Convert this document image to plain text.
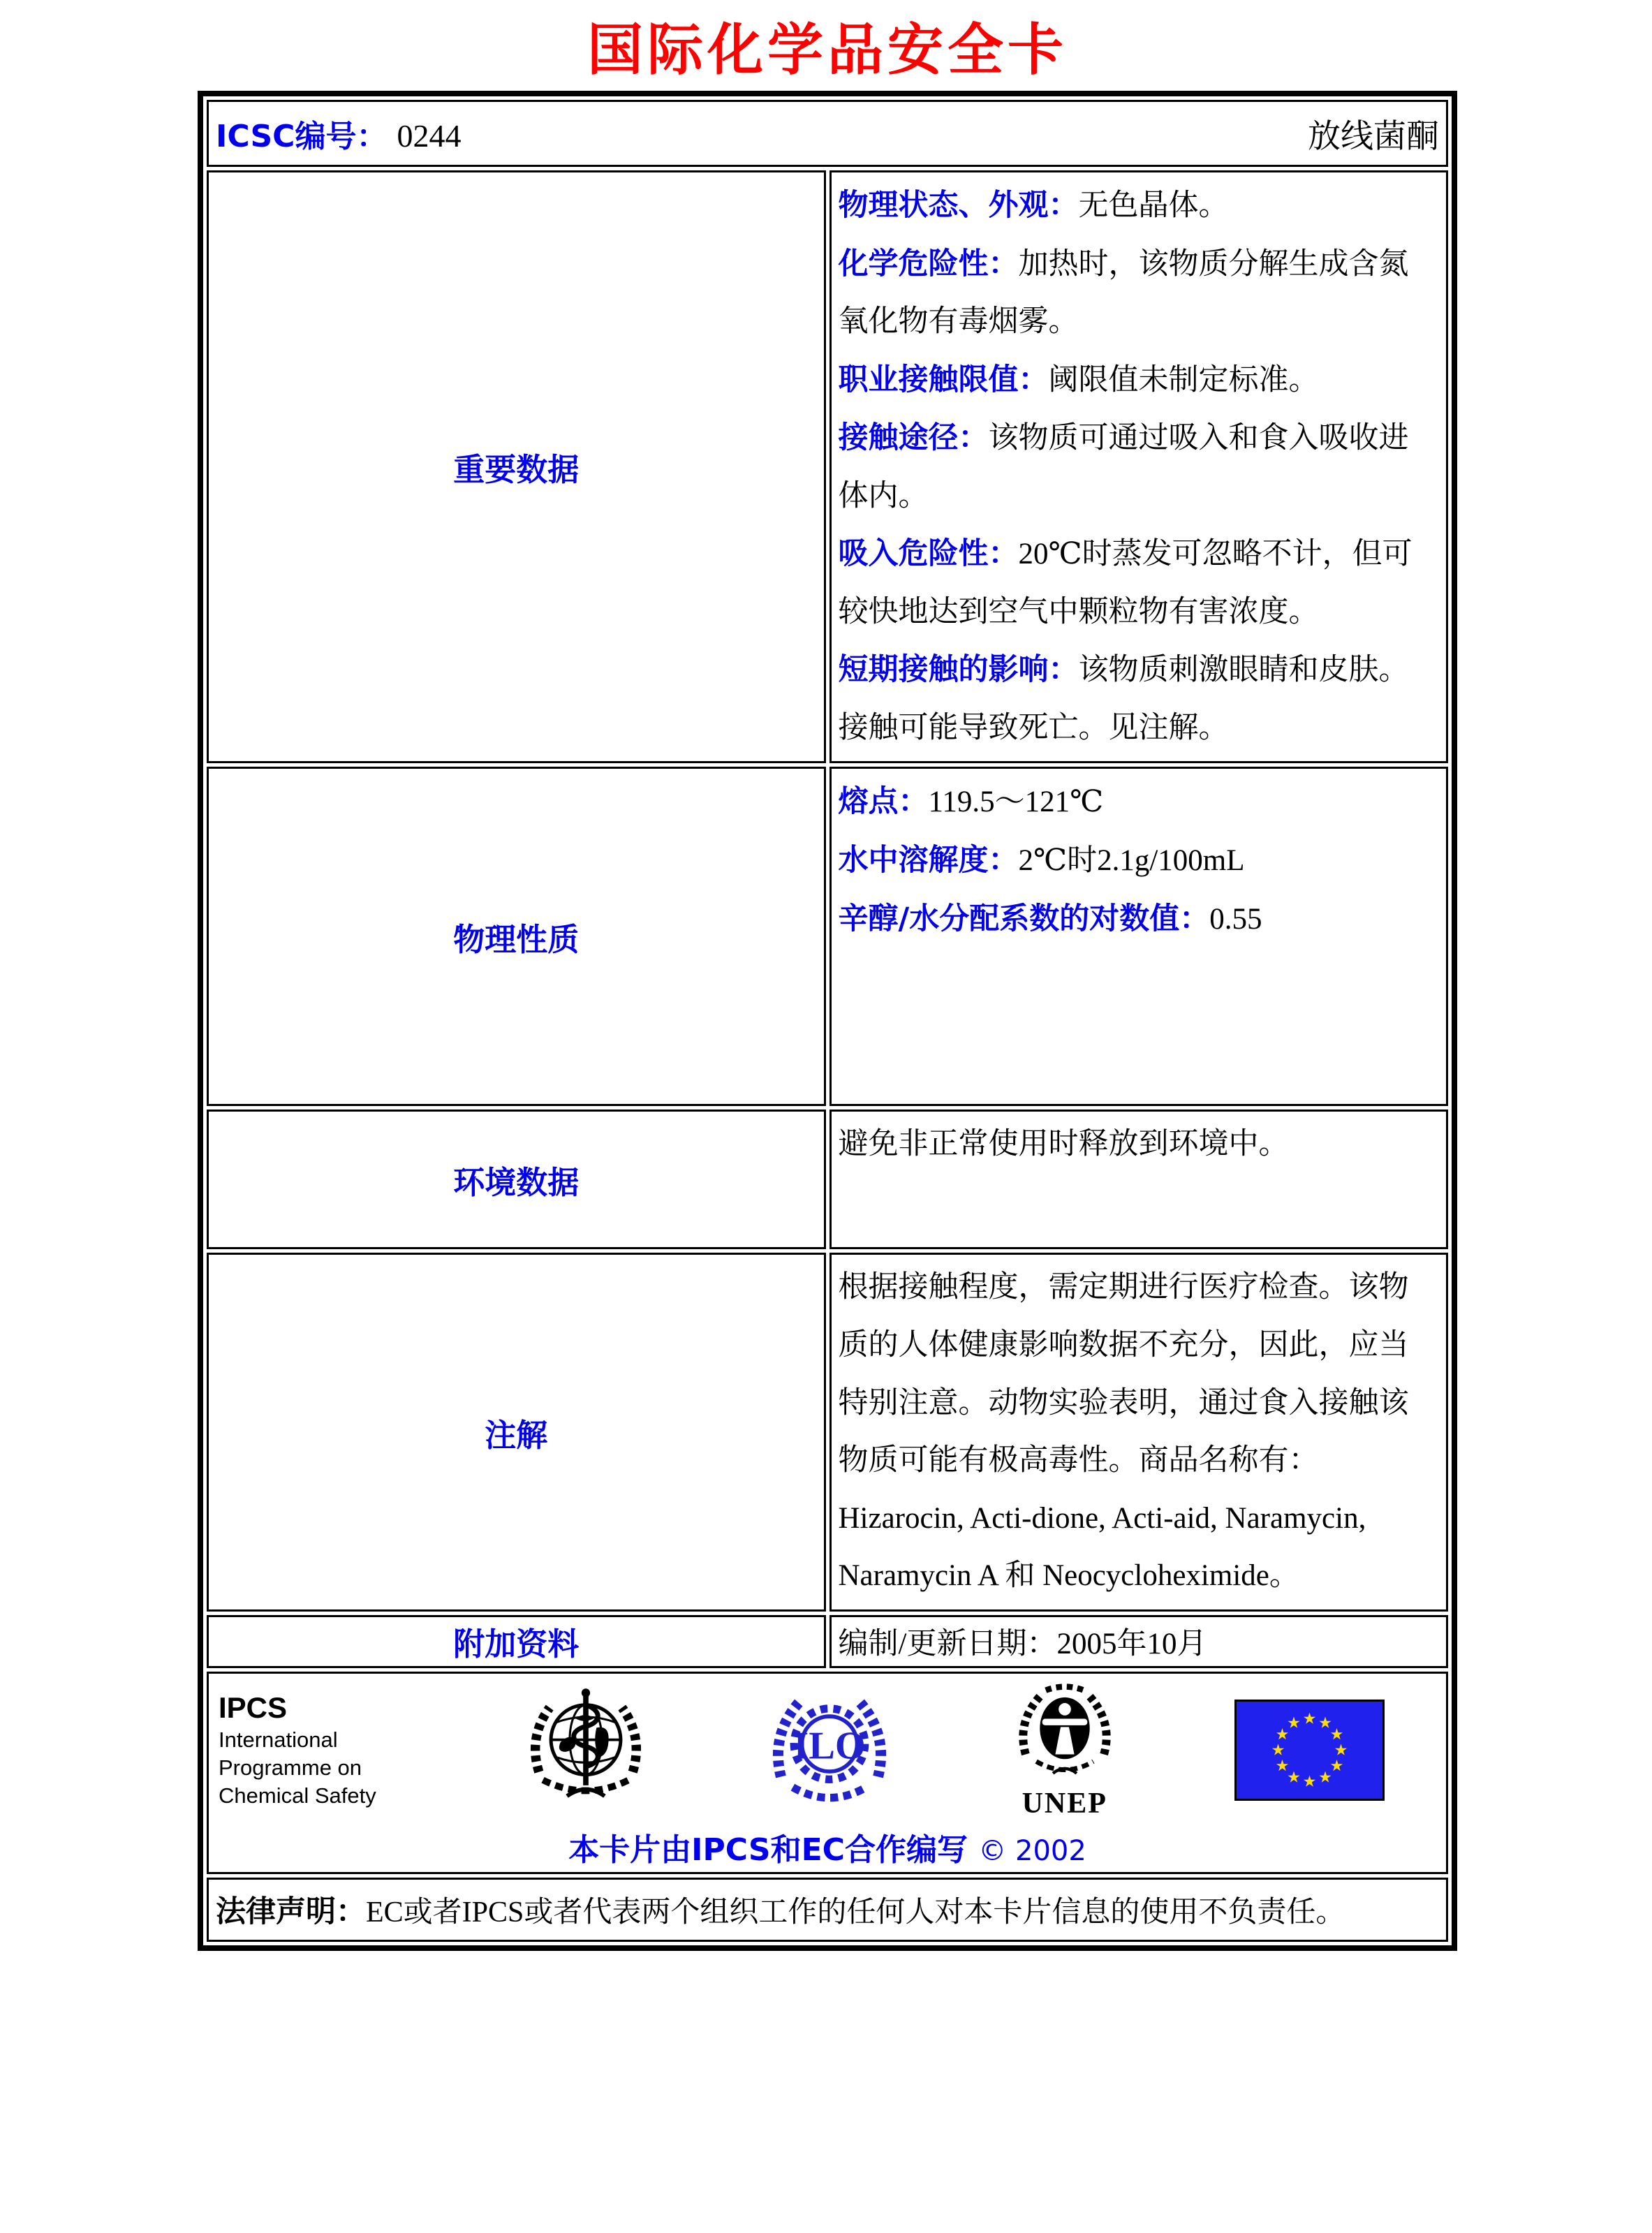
国际化学品安全卡
ICSC编号： 0244 放线菌酮	

重要数据	
物理状态、外观：无色晶体。
化学危险性：加热时，该物质分解生成含氮氧化物有毒烟雾。
职业接触限值：阈限值未制定标准。
接触途径：该物质可通过吸入和食入吸收进体内。
吸入危险性：20℃时蒸发可忽略不计，但可较快地达到空气中颗粒物有害浓度。
短期接触的影响：该物质刺激眼睛和皮肤。接触可能导致死亡。见注解。

物理性质	熔点：119.5～121℃
水中溶解度：2℃时2.1g/100mL
辛醇/水分配系数的对数值：0.55

环境数据	避免非正常使用时释放到环境中。

注解	根据接触程度，需定期进行医疗检查。该物质的人体健康影响数据不充分，因此，应当特别注意。动物实验表明，通过食入接触该物质可能有极高毒性。商品名称有：Hizarocin, Acti-dione, Acti-aid, Naramycin, Naramycin A 和 Neocycloheximide。

附加资料	编制/更新日期：2005年10月

IPCS
International
Programme on
Chemical Safety
ILO
UNEP
本卡片由IPCS和EC合作编写 © 2002

法律声明：EC或者IPCS或者代表两个组织工作的任何人对本卡片信息的使用不负责任。	
